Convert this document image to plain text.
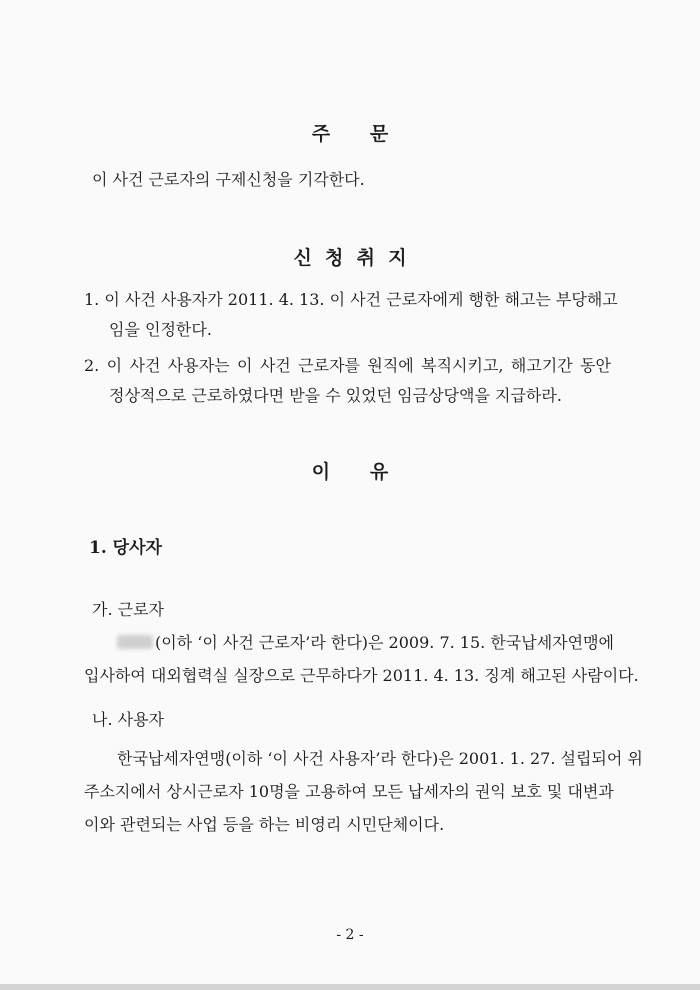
주      문
이 사건 근로자의 구제신청을 기각한다.
신  청  취  지
1. 이 사건 사용자가 2011. 4. 13. 이 사건 근로자에게 행한 해고는 부당해고
임을 인정한다.
2. 이 사건 사용자는 이 사건 근로자를 원직에 복직시키고, 해고기간 동안
정상적으로 근로하였다면 받을 수 있었던 임금상당액을 지급하라.
이      유
1. 당사자
가. 근로자
(이하 ‘이 사건 근로자’라 한다)은 2009. 7. 15. 한국납세자연맹에
입사하여 대외협력실 실장으로 근무하다가 2011. 4. 13. 징계 해고된 사람이다.
나. 사용자
한국납세자연맹(이하 ‘이 사건 사용자’라 한다)은 2001. 1. 27. 설립되어 위
주소지에서 상시근로자 10명을 고용하여 모든 납세자의 권익 보호 및 대변과
이와 관련되는 사업 등을 하는 비영리 시민단체이다.
- 2 -
